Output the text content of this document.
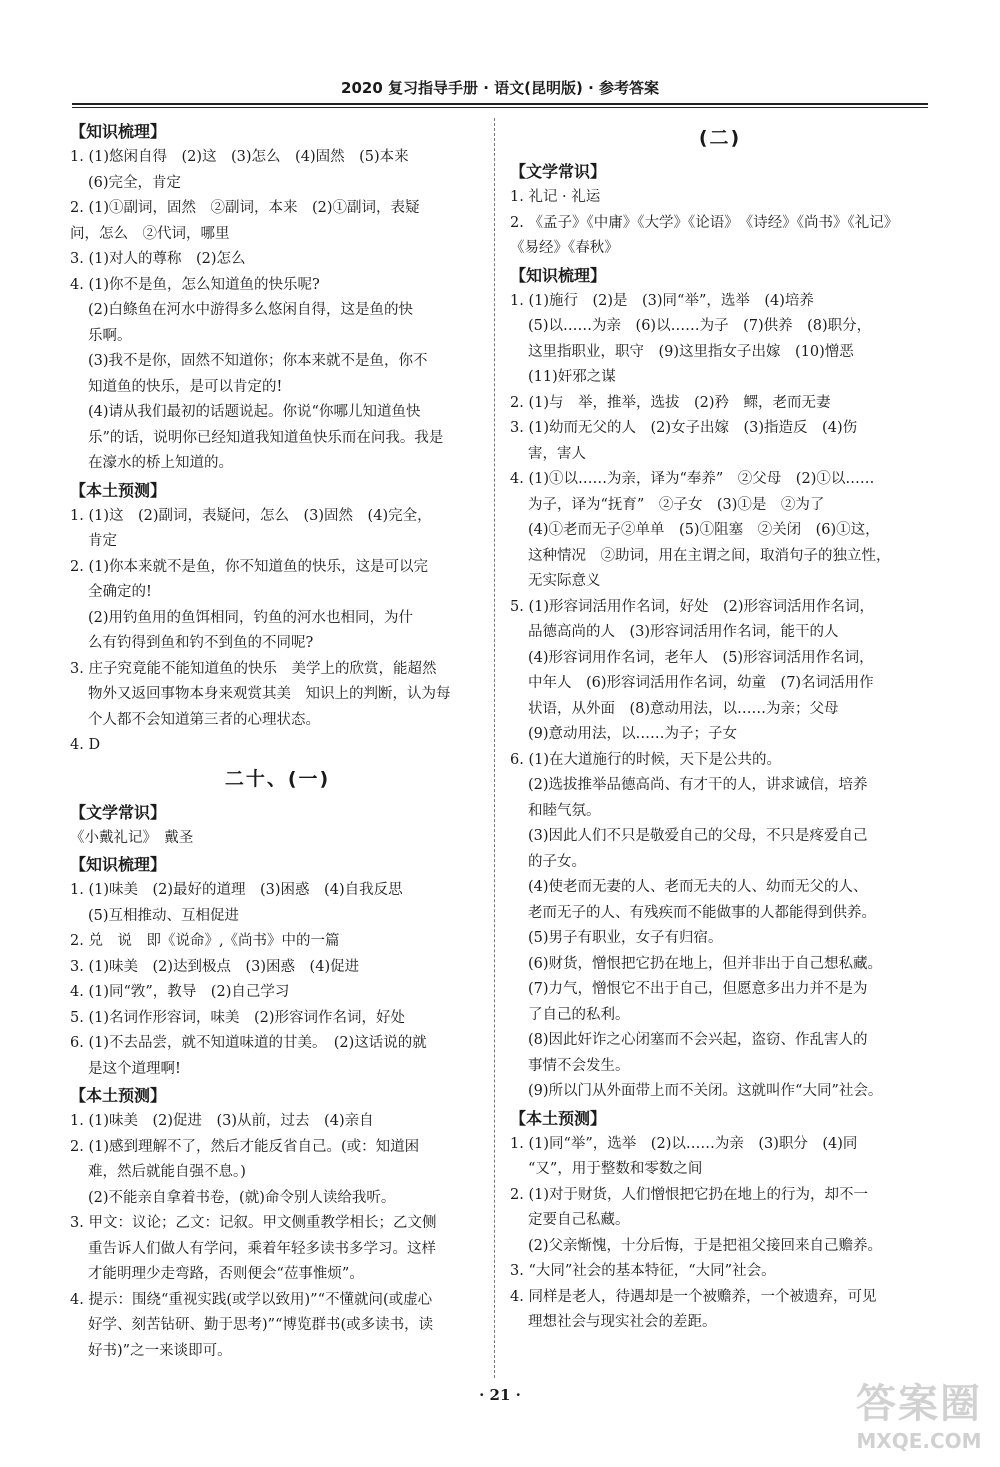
2020 复习指导手册 · 语文(昆明版) · 参考答案
【知识梳理】
1. (1)悠闲自得　(2)这　(3)怎么　(4)固然　(5)本来
(6)完全，肯定
2. (1)①副词，固然　②副词，本来　(2)①副词，表疑
问，怎么　②代词，哪里
3. (1)对人的尊称　(2)怎么
4. (1)你不是鱼，怎么知道鱼的快乐呢?
(2)白鲦鱼在河水中游得多么悠闲自得，这是鱼的快
乐啊。
(3)我不是你，固然不知道你；你本来就不是鱼，你不
知道鱼的快乐，是可以肯定的!
(4)请从我们最初的话题说起。你说“你哪儿知道鱼快
乐”的话，说明你已经知道我知道鱼快乐而在问我。我是
在濠水的桥上知道的。
【本土预测】
1. (1)这　(2)副词，表疑问，怎么　(3)固然　(4)完全，
肯定
2. (1)你本来就不是鱼，你不知道鱼的快乐，这是可以完
全确定的!
(2)用钓鱼用的鱼饵相同，钓鱼的河水也相同，为什
么有钓得到鱼和钓不到鱼的不同呢?
3. 庄子究竟能不能知道鱼的快乐　美学上的欣赏，能超然
物外又返回事物本身来观赏其美　知识上的判断，认为每
个人都不会知道第三者的心理状态。
4. D
二十、(一)
【文学常识】
《小戴礼记》　戴圣
【知识梳理】
1. (1)味美　(2)最好的道理　(3)困惑　(4)自我反思
(5)互相推动、互相促进
2. 兑　说　即《说命》,《尚书》中的一篇
3. (1)味美　(2)达到极点　(3)困惑　(4)促进
4. (1)同“敩”，教导　(2)自己学习
5. (1)名词作形容词，味美　(2)形容词作名词，好处
6. (1)不去品尝，就不知道味道的甘美。　(2)这话说的就
是这个道理啊!
【本土预测】
1. (1)味美　(2)促进　(3)从前，过去　(4)亲自
2. (1)感到理解不了，然后才能反省自己。(或：知道困
难，然后就能自强不息。)
(2)不能亲自拿着书卷，(就)命令别人读给我听。
3. 甲文：议论；乙文：记叙。甲文侧重教学相长；乙文侧
重告诉人们做人有学问，乘着年轻多读书多学习。这样
才能明理少走弯路，否则便会“莅事惟烦”。
4. 提示：围绕“重视实践(或学以致用)”“不懂就问(或虚心
好学、刻苦钻研、勤于思考)”“博览群书(或多读书，读
好书)”之一来谈即可。
(二)
【文学常识】
1. 礼记 · 礼运
2. 《孟子》《中庸》《大学》《论语》　《诗经》《尚书》《礼记》
《易经》《春秋》
【知识梳理】
1. (1)施行　(2)是　(3)同“举”，选举　(4)培养
(5)以……为亲　(6)以……为子　(7)供养　(8)职分，
这里指职业，职守　(9)这里指女子出嫁　(10)憎恶
(11)奸邪之谋
2. (1)与　举，推举，选拔　(2)矜　鳏，老而无妻
3. (1)幼而无父的人　(2)女子出嫁　(3)指造反　(4)伤
害，害人
4. (1)①以……为亲，译为“奉养”　②父母　(2)①以……
为子，译为“抚育”　②子女　(3)①是　②为了
(4)①老而无子②单单　(5)①阻塞　②关闭　(6)①这，
这种情况　②助词，用在主谓之间，取消句子的独立性，
无实际意义
5. (1)形容词活用作名词，好处　(2)形容词活用作名词，
品德高尚的人　(3)形容词活用作名词，能干的人
(4)形容词用作名词，老年人　(5)形容词活用作名词，
中年人　(6)形容词活用作名词，幼童　(7)名词活用作
状语，从外面　(8)意动用法，以……为亲；父母
(9)意动用法，以……为子；子女
6. (1)在大道施行的时候，天下是公共的。
(2)选拔推举品德高尚、有才干的人，讲求诚信，培养
和睦气氛。
(3)因此人们不只是敬爱自己的父母，不只是疼爱自己
的子女。
(4)使老而无妻的人、老而无夫的人、幼而无父的人、
老而无子的人、有残疾而不能做事的人都能得到供养。
(5)男子有职业，女子有归宿。
(6)财货，憎恨把它扔在地上，但并非出于自己想私藏。
(7)力气，憎恨它不出于自己，但愿意多出力并不是为
了自己的私利。
(8)因此奸诈之心闭塞而不会兴起，盗窃、作乱害人的
事情不会发生。
(9)所以门从外面带上而不关闭。这就叫作“大同”社会。
【本土预测】
1. (1)同“举”，选举　(2)以……为亲　(3)职分　(4)同
“又”，用于整数和零数之间
2. (1)对于财货，人们憎恨把它扔在地上的行为，却不一
定要自己私藏。
(2)父亲惭愧，十分后悔，于是把祖父接回来自己赡养。
3. “大同”社会的基本特征，“大同”社会。
4. 同样是老人，待遇却是一个被赡养，一个被遗弃，可见
理想社会与现实社会的差距。
· 21 ·	答案圈
MXQE.COM
